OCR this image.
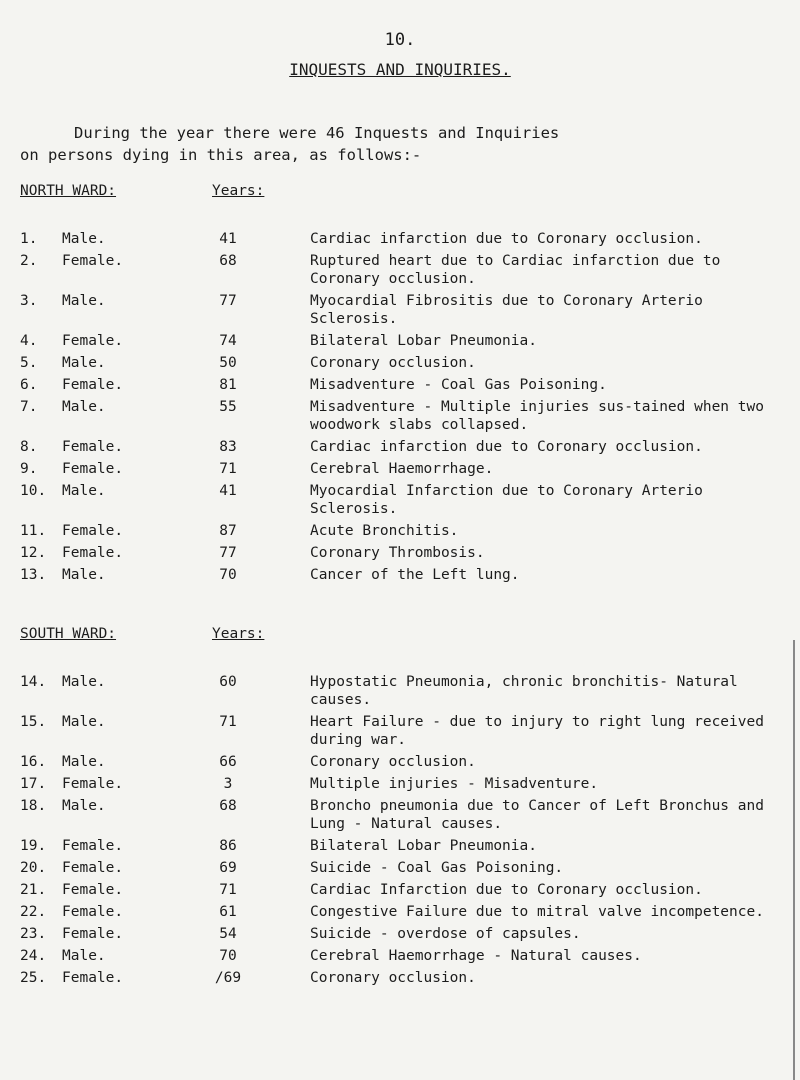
10.
INQUESTS AND INQUIRIES.
During the year there were 46 Inquests and Inquiries
on persons dying in this area, as follows:-
NORTH WARD:	Years:
1.	Male.	41	Cardiac infarction due to Coronary occlusion.
2.	Female.	68	Ruptured heart due to Cardiac infarction due to Coronary occlusion.
3.	Male.	77	Myocardial Fibrositis due to Coronary Arterio Sclerosis.
4.	Female.	74	Bilateral Lobar Pneumonia.
5.	Male.	50	Coronary occlusion.
6.	Female.	81	Misadventure - Coal Gas Poisoning.
7.	Male.	55	Misadventure - Multiple injuries sus-tained when two woodwork slabs collapsed.
8.	Female.	83	Cardiac infarction due to Coronary occlusion.
9.	Female.	71	Cerebral Haemorrhage.
10.	Male.	41	Myocardial Infarction due to Coronary Arterio Sclerosis.
11.	Female.	87	Acute Bronchitis.
12.	Female.	77	Coronary Thrombosis.
13.	Male.	70	Cancer of the Left lung.
SOUTH WARD:	Years:
14.	Male.	60	Hypostatic Pneumonia, chronic bronchitis- Natural causes.
15.	Male.	71	Heart Failure - due to injury to right lung received during war.
16.	Male.	66	Coronary occlusion.
17.	Female.	3	Multiple injuries - Misadventure.
18.	Male.	68	Broncho pneumonia due to Cancer of Left Bronchus and Lung - Natural causes.
19.	Female.	86	Bilateral Lobar Pneumonia.
20.	Female.	69	Suicide - Coal Gas Poisoning.
21.	Female.	71	Cardiac Infarction due to Coronary occlusion.
22.	Female.	61	Congestive Failure due to mitral valve incompetence.
23.	Female.	54	Suicide - overdose of capsules.
24.	Male.	70	Cerebral Haemorrhage - Natural causes.
25.	Female.	/69	Coronary occlusion.
